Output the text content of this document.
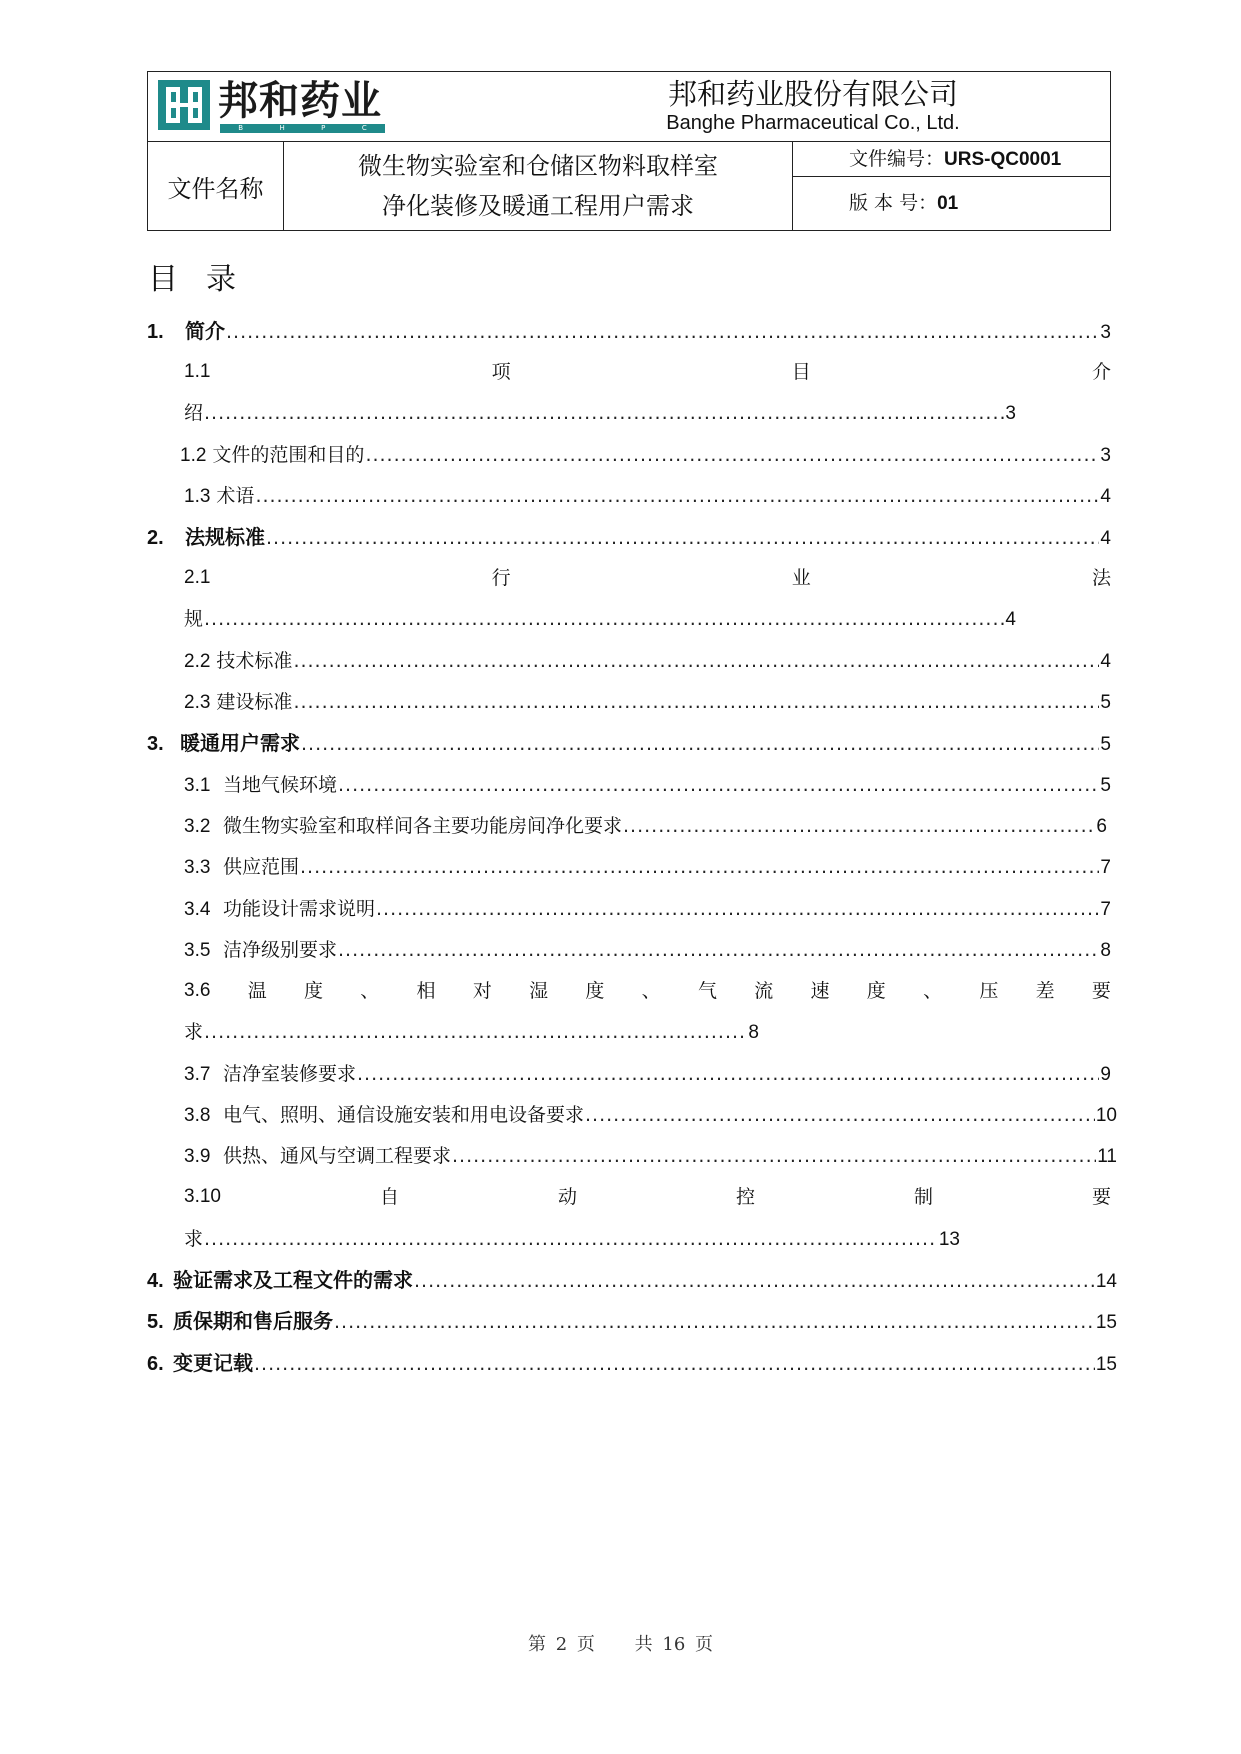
邦和药业
B	H	P	C
邦和药业股份有限公司
Banghe Pharmaceutical Co., Ltd.
文件名称
微生物实验室和仓储区物料取样室
净化装修及暖通工程用户需求
文件编号：URS-QC0001
版 本 号：01
目 录
1. 简介 .....	3
1.1	项	目	介
绍 .....	3
1.2 文件的范围和目的 .....	3
1.3 术语 .....	4
2. 法规标准 .....	4
2.1	行	业	法
规 .....	4
2.2 技术标准 .....	4
2.3 建设标准 .....	5
3. 暖通用户需求 .....	5
3.1 当地气候环境 .....	5
3.2 微生物实验室和取样间各主要功能房间净化要求 .....	6
3.3 供应范围 .....	7
3.4 功能设计需求说明 .....	7
3.5 洁净级别要求 .....	8
3.6 温 度 、 相 对 湿 度 、 气 流 速 度 、 压 差 要
求 .....	8
3.7 洁净室装修要求 .....	9
3.8 电气、照明、通信设施安装和用电设备要求 .....	10
3.9 供热、通风与空调工程要求 .....	11
3.10	自	动	控	制	要
求 .....	13
4. 验证需求及工程文件的需求 .....	14
5. 质保期和售后服务 .....	15
6. 变更记载 .....	15
第 2 页 共 16 页
